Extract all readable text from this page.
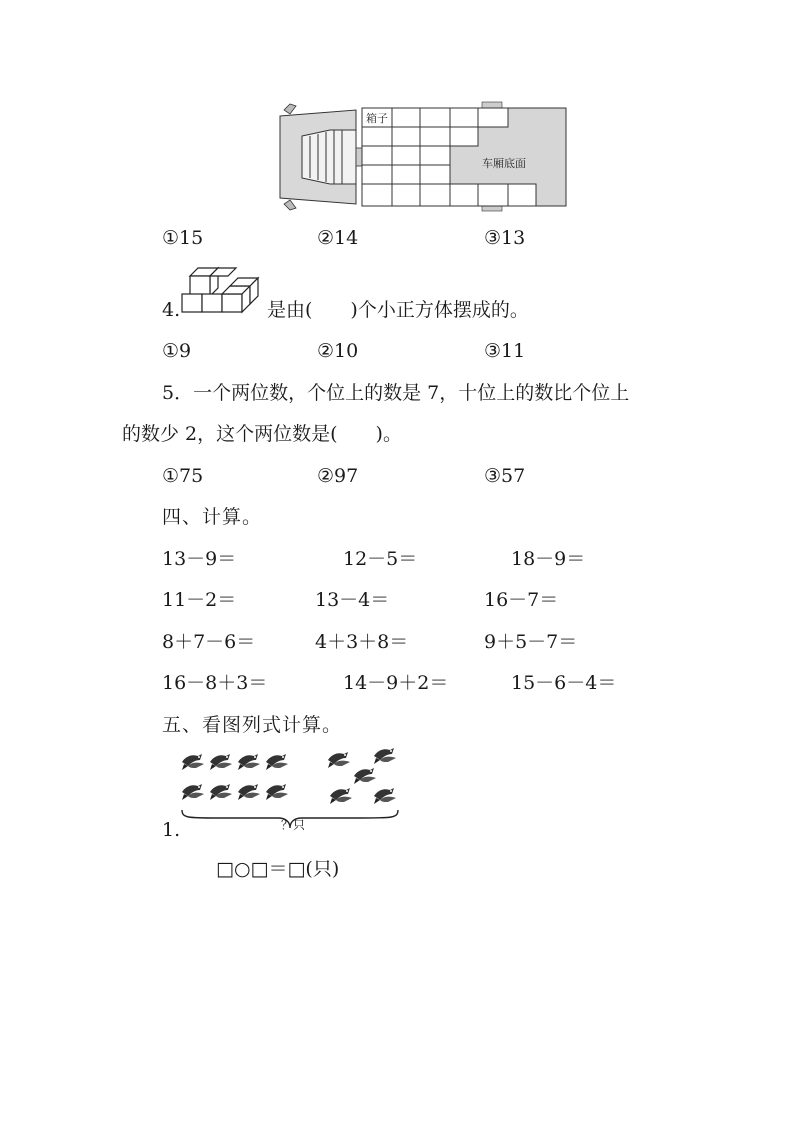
箱子
车厢底面
①15	②14	③13
4.	是由(　　)个小正方体摆成的。
①9	②10	③11
5．一个两位数，个位上的数是 7，十位上的数比个位上
的数少 2，这个两位数是(　　)。
①75	②97	③57
四、计算。
13－9＝	12－5＝	18－9＝
11－2＝	13－4＝	16－7＝
8＋7－6＝	4＋3＋8＝	9＋5－7＝
16－8＋3＝	14－9＋2＝	15－6－4＝
五、看图列式计算。
？只
1.
□○□＝□(只)
